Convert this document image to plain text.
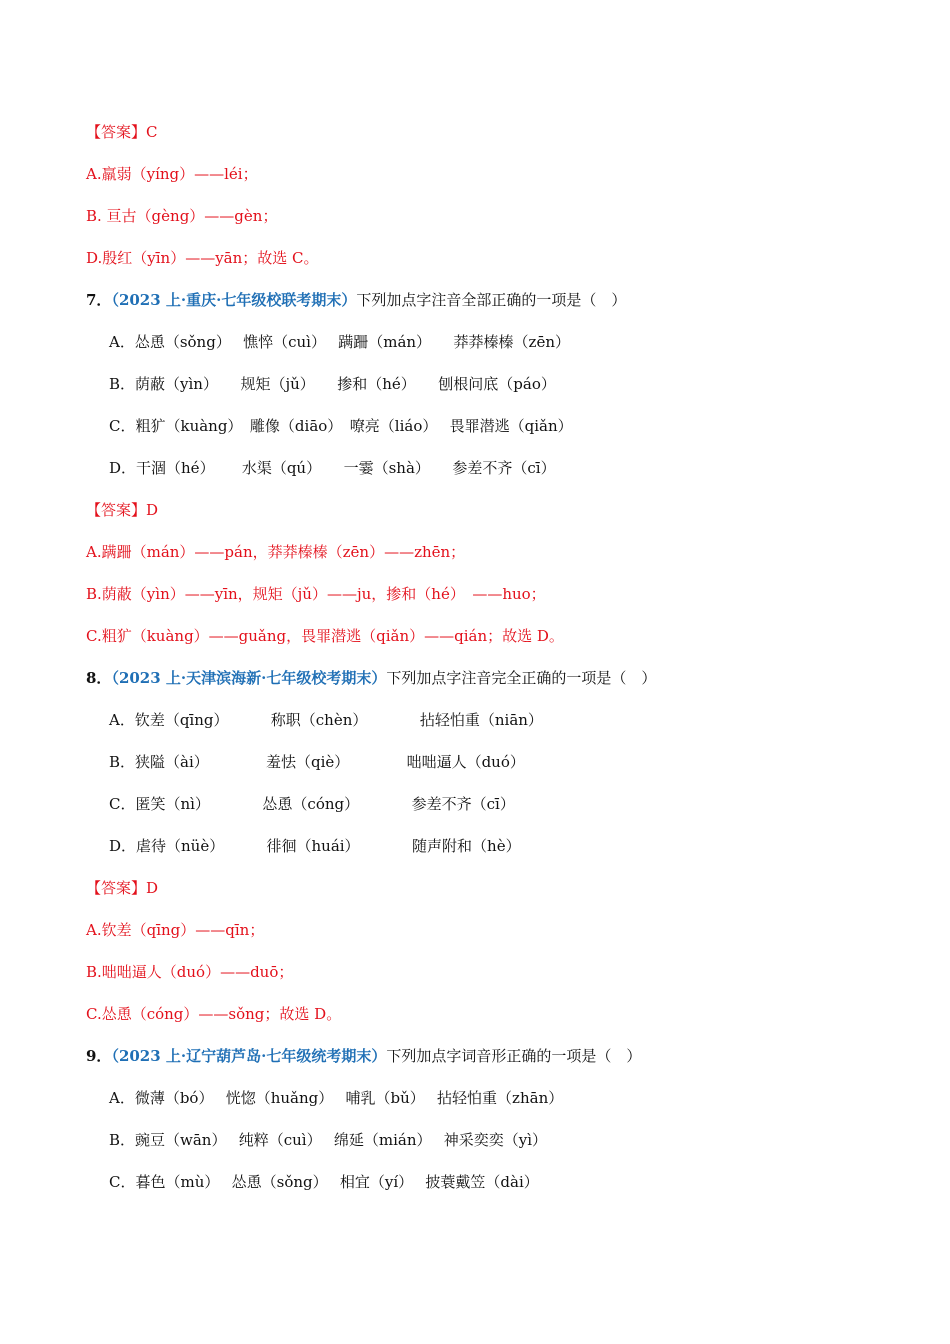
【答案】C
A.羸弱（yíng）——léi；
B. 亘古（gèng）——gèn；
D.殷红（yīn）——yān；故选 C。
7．（2023 上·重庆·七年级校联考期末）下列加点字注音全部正确的一项是（　）
A．怂恿（sǒng）　 憔悴（cuì）　 蹒跚（mán）　　莽莽榛榛（zēn）
B．荫蔽（yìn）　　规矩（jǔ）　　掺和（hé）　　刨根问底（páo）
C．粗犷（kuàng）　雕像（diāo）　嘹亮（liáo）　 畏罪潜逃（qiǎn）
D．干涸（hé）　　 水渠（qú）　　一霎（shà）　　参差不齐（cī）
【答案】D
A.蹒跚（mán）——pán，莽莽榛榛（zēn）——zhēn；
B.荫蔽（yìn）——yīn，规矩（jǔ）——ju，掺和（hé）　——huo；
C.粗犷（kuàng）——guǎng，畏罪潜逃（qiǎn）——qián；故选 D。
8．（2023 上·天津滨海新·七年级校考期末）下列加点字注音完全正确的一项是（　）
A．钦差（qīng）　　　 称职（chèn）　　　　拈轻怕重（niān）
B．狭隘（ài）　　　　 羞怯（qiè）　　　　 咄咄逼人（duó）
C．匿笑（nì）　　　　怂恿（cóng）　　　　参差不齐（cī）
D．虐待（nüè）　　　 徘徊（huái）　　　　随声附和（hè）
【答案】D
A.钦差（qīng）——qīn；
B.咄咄逼人（duó）——duō；
C.怂恿（cóng）——sǒng；故选 D。
9．（2023 上·辽宁葫芦岛·七年级统考期末）下列加点字词音形正确的一项是（　）
A．微薄（bó）　 恍惚（huǎng）　 哺乳（bǔ）　 拈轻怕重（zhān）
B．豌豆（wān）　 纯粹（cuì）　 绵延（mián）　 神采奕奕（yì）
C．暮色（mù）　 怂恿（sǒng）　 相宜（yí）　 披蓑戴笠（dài）
